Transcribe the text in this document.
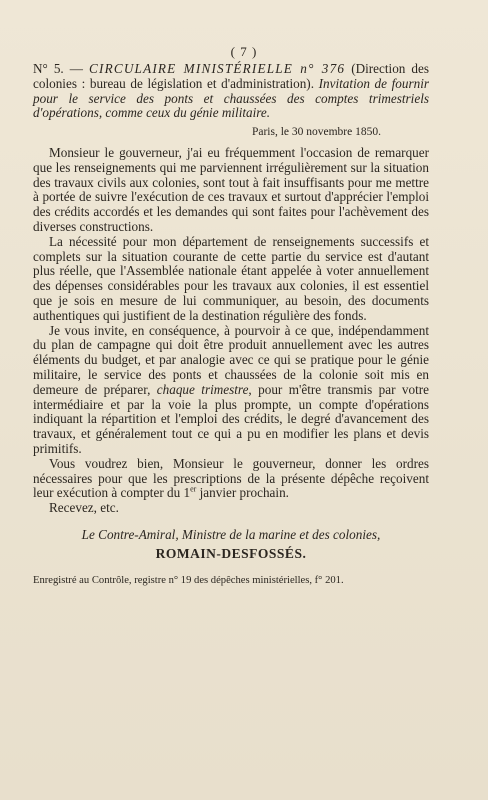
( 7 )

N° 5. — CIRCULAIRE MINISTÉRIELLE n° 376 (Direction des colonies : bureau de législation et d'administration). Invitation de fournir pour le service des ponts et chaussées des comptes trimestriels d'opérations, comme ceux du génie militaire.

Paris, le 30 novembre 1850.

Monsieur le gouverneur, j'ai eu fréquemment l'occasion de remarquer que les renseignements qui me parviennent irrégulièrement sur la situation des travaux civils aux colonies, sont tout à fait insuffisants pour me mettre à portée de suivre l'exécution de ces travaux et surtout d'apprécier l'emploi des crédits accordés et les demandes qui sont faites pour l'achèvement des diverses constructions.

La nécessité pour mon département de renseignements successifs et complets sur la situation courante de cette partie du service est d'autant plus réelle, que l'Assemblée nationale étant appelée à voter annuellement des dépenses considérables pour les travaux aux colonies, il est essentiel que je sois en mesure de lui communiquer, au besoin, des documents authentiques qui justifient de la destination régulière des fonds.

Je vous invite, en conséquence, à pourvoir à ce que, indépendamment du plan de campagne qui doit être produit annuellement avec les autres éléments du budget, et par analogie avec ce qui se pratique pour le génie militaire, le service des ponts et chaussées de la colonie soit mis en demeure de préparer, chaque trimestre, pour m'être transmis par votre intermédiaire et par la voie la plus prompte, un compte d'opérations indiquant la répartition et l'emploi des crédits, le degré d'avancement des travaux, et généralement tout ce qui a pu en modifier les plans et devis primitifs.

Vous voudrez bien, Monsieur le gouverneur, donner les ordres nécessaires pour que les prescriptions de la présente dépêche reçoivent leur exécution à compter du 1er janvier prochain.

Recevez, etc.

Le Contre-Amiral, Ministre de la marine et des colonies,
ROMAIN-DESFOSSÉS.
Enregistré au Contrôle, registre n° 19 des dépêches ministérielles, f° 201.
